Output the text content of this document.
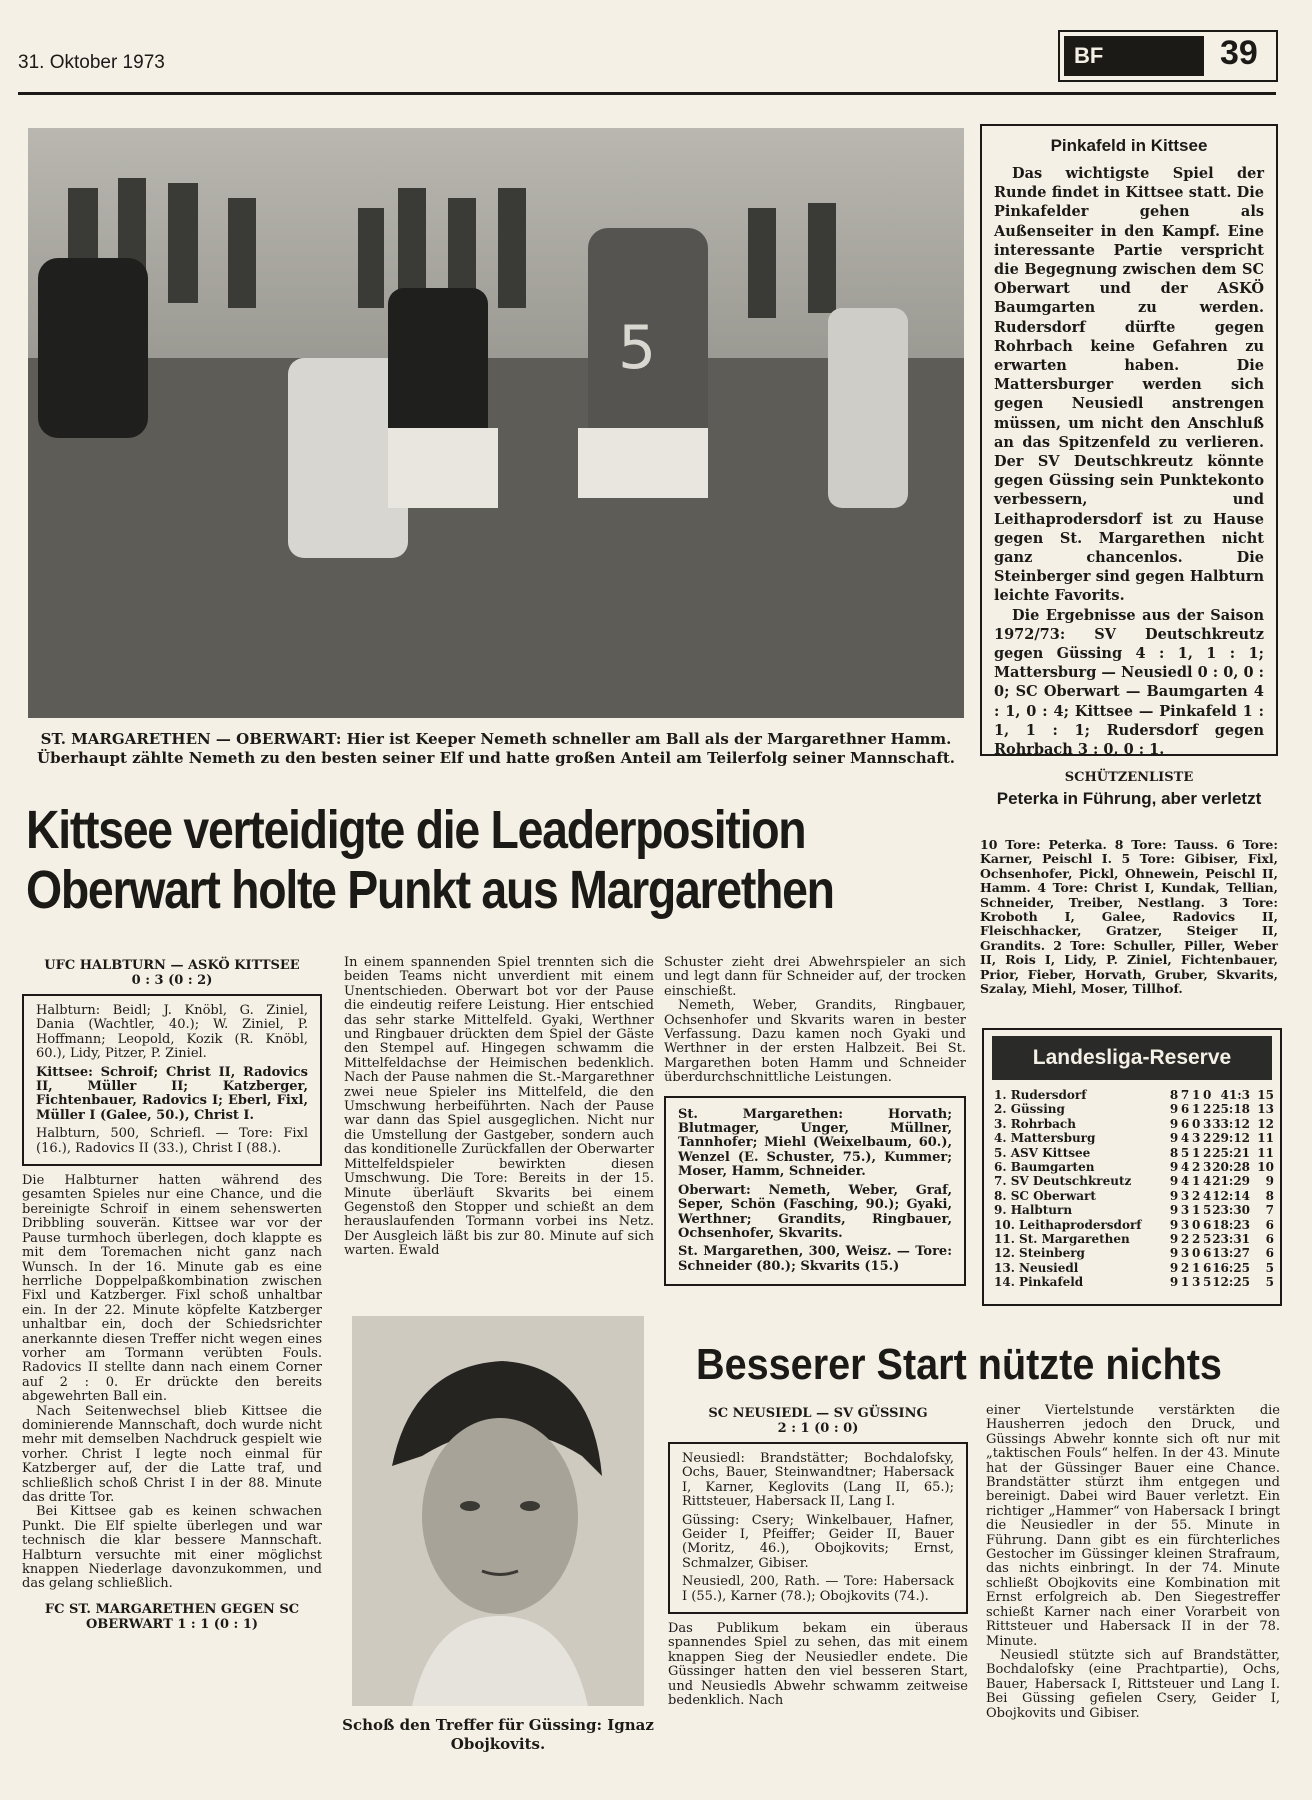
31. Oktober 1973	BF	39
5
ST. MARGARETHEN — OBERWART: Hier ist Keeper Nemeth schneller am Ball als der Margarethner Hamm. Überhaupt zählte Nemeth zu den besten seiner Elf und hatte großen Anteil am Teilerfolg seiner Mannschaft.
Kittsee verteidigte die Leaderposition
Oberwart holte Punkt aus Margarethen
UFC HALBTURN — ASKÖ KITTSEE
0 : 3 (0 : 2)
Halbturn: Beidl; J. Knöbl, G. Ziniel, Dania (Wachtler, 40.); W. Ziniel, P. Hoffmann; Leopold, Kozik (R. Knöbl, 60.), Lidy, Pitzer, P. Ziniel.
Kittsee: Schroif; Christ II, Radovics II, Müller II; Katzberger, Fichtenbauer, Radovics I; Eberl, Fixl, Müller I (Galee, 50.), Christ I.
Halbturn, 500, Schriefl. — Tore: Fixl (16.), Radovics II (33.), Christ I (88.).
Die Halbturner hatten während des gesamten Spieles nur eine Chance, und die bereinigte Schroif in einem sehenswerten Dribbling souverän. Kittsee war vor der Pause turmhoch überlegen, doch klappte es mit dem Toremachen nicht ganz nach Wunsch. In der 16. Minute gab es eine herrliche Doppelpaßkombination zwischen Fixl und Katzberger. Fixl schoß unhaltbar ein. In der 22. Minute köpfelte Katzberger unhaltbar ein, doch der Schiedsrichter anerkannte diesen Treffer nicht wegen eines vorher am Tormann verübten Fouls. Radovics II stellte dann nach einem Corner auf 2 : 0. Er drückte den bereits abgewehrten Ball ein.
Nach Seitenwechsel blieb Kittsee die dominierende Mannschaft, doch wurde nicht mehr mit demselben Nachdruck gespielt wie vorher. Christ I legte noch einmal für Katzberger auf, der die Latte traf, und schließlich schoß Christ I in der 88. Minute das dritte Tor.
Bei Kittsee gab es keinen schwachen Punkt. Die Elf spielte überlegen und war technisch die klar bessere Mannschaft. Halbturn versuchte mit einer möglichst knappen Niederlage davonzukommen, und das gelang schließlich.
FC ST. MARGARETHEN GEGEN SC OBERWART 1 : 1 (0 : 1)
In einem spannenden Spiel trennten sich die beiden Teams nicht unverdient mit einem Unentschieden. Oberwart bot vor der Pause die eindeutig reifere Leistung. Hier entschied das sehr starke Mittelfeld. Gyaki, Werthner und Ringbauer drückten dem Spiel der Gäste den Stempel auf. Hingegen schwamm die Mittelfeldachse der Heimischen bedenklich. Nach der Pause nahmen die St.-Margarethner zwei neue Spieler ins Mittelfeld, die den Umschwung herbeiführten. Nach der Pause war dann das Spiel ausgeglichen. Nicht nur die Umstellung der Gastgeber, sondern auch das konditionelle Zurückfallen der Oberwarter Mittelfeldspieler bewirkten diesen Umschwung. Die Tore: Bereits in der 15. Minute überläuft Skvarits bei einem Gegenstoß den Stopper und schießt an dem herauslaufenden Tormann vorbei ins Netz. Der Ausgleich läßt bis zur 80. Minute auf sich warten. Ewald
Schuster zieht drei Abwehrspieler an sich und legt dann für Schneider auf, der trocken einschießt.
Nemeth, Weber, Grandits, Ringbauer, Ochsenhofer und Skvarits waren in bester Verfassung. Dazu kamen noch Gyaki und Werthner in der ersten Halbzeit. Bei St. Margarethen boten Hamm und Schneider überdurchschnittliche Leistungen.
St. Margarethen: Horvath; Blutmager, Unger, Müllner, Tannhofer; Miehl (Weixelbaum, 60.), Wenzel (E. Schuster, 75.), Kummer; Moser, Hamm, Schneider.
Oberwart: Nemeth, Weber, Graf, Seper, Schön (Fasching, 90.); Gyaki, Werthner; Grandits, Ringbauer, Ochsenhofer, Skvarits.
St. Margarethen, 300, Weisz. — Tore: Schneider (80.); Skvarits (15.)
Pinkafeld in Kittsee
Das wichtigste Spiel der Runde findet in Kittsee statt. Die Pinkafelder gehen als Außenseiter in den Kampf. Eine interessante Partie verspricht die Begegnung zwischen dem SC Oberwart und der ASKÖ Baumgarten zu werden. Rudersdorf dürfte gegen Rohrbach keine Gefahren zu erwarten haben. Die Mattersburger werden sich gegen Neusiedl anstrengen müssen, um nicht den Anschluß an das Spitzenfeld zu verlieren. Der SV Deutschkreutz könnte gegen Güssing sein Punktekonto verbessern, und Leithaprodersdorf ist zu Hause gegen St. Margarethen nicht ganz chancenlos. Die Steinberger sind gegen Halbturn leichte Favorits.
Die Ergebnisse aus der Saison 1972/73: SV Deutschkreutz gegen Güssing 4 : 1, 1 : 1; Mattersburg — Neusiedl 0 : 0, 0 : 0; SC Oberwart — Baumgarten 4 : 1, 0 : 4; Kittsee — Pinkafeld 1 : 1, 1 : 1; Rudersdorf gegen Rohrbach 3 : 0, 0 : 1.
SCHÜTZENLISTE
Peterka in Führung, aber verletzt
10 Tore: Peterka. 8 Tore: Tauss. 6 Tore: Karner, Peischl I. 5 Tore: Gibiser, Fixl, Ochsenhofer, Pickl, Ohnewein, Peischl II, Hamm. 4 Tore: Christ I, Kundak, Tellian, Schneider, Treiber, Nestlang. 3 Tore: Kroboth I, Galee, Radovics II, Fleischhacker, Gratzer, Steiger II, Grandits. 2 Tore: Schuller, Piller, Weber II, Rois I, Lidy, P. Ziniel, Fichtenbauer, Prior, Fieber, Horvath, Gruber, Skvarits, Szalay, Miehl, Moser, Tillhof.
Landesliga-Reserve
1. Rudersdorf	8 7 1 0 41:3 15
2. Güssing	9 6 1 2 25:18 13
3. Rohrbach	9 6 0 3 33:12 12
4. Mattersburg	9 4 3 2 29:12 11
5. ASV Kittsee	8 5 1 2 25:21 11
6. Baumgarten	9 4 2 3 20:28 10
7. SV Deutschkreutz	9 4 1 4 21:29	9
8. SC Oberwart	9 3 2 4 12:14	8
9. Halbturn	9 3 1 5 23:30	7
10. Leithaprodersdorf	9 3 0 6 18:23	6
11. St. Margarethen	9 2 2 5 23:31	6
12. Steinberg	9 3 0 6 13:27	6
13. Neusiedl	9 2 1 6 16:25	5
14. Pinkafeld	9 1 3 5 12:25	5
Schoß den Treffer für Güssing: Ignaz Obojkovits.
Besserer Start nützte nichts
SC NEUSIEDL — SV GÜSSING
2 : 1 (0 : 0)
Neusiedl: Brandstätter; Bochdalofsky, Ochs, Bauer, Steinwandtner; Habersack I, Karner, Keglovits (Lang II, 65.); Rittsteuer, Habersack II, Lang I.
Güssing: Csery; Winkelbauer, Hafner, Geider I, Pfeiffer; Geider II, Bauer (Moritz, 46.), Obojkovits; Ernst, Schmalzer, Gibiser.
Neusiedl, 200, Rath. — Tore: Habersack I (55.), Karner (78.); Obojkovits (74.).
Das Publikum bekam ein überaus spannendes Spiel zu sehen, das mit einem knappen Sieg der Neusiedler endete. Die Güssinger hatten den viel besseren Start, und Neusiedls Abwehr schwamm zeitweise bedenklich. Nach
einer Viertelstunde verstärkten die Hausherren jedoch den Druck, und Güssings Abwehr konnte sich oft nur mit „taktischen Fouls“ helfen. In der 43. Minute hat der Güssinger Bauer eine Chance. Brandstätter stürzt ihm entgegen und bereinigt. Dabei wird Bauer verletzt. Ein richtiger „Hammer“ von Habersack I bringt die Neusiedler in der 55. Minute in Führung. Dann gibt es ein fürchterliches Gestocher im Güssinger kleinen Strafraum, das nichts einbringt. In der 74. Minute schließt Obojkovits eine Kombination mit Ernst erfolgreich ab. Den Siegestreffer schießt Karner nach einer Vorarbeit von Rittsteuer und Habersack II in der 78. Minute.
Neusiedl stützte sich auf Brandstätter, Bochdalofsky (eine Prachtpartie), Ochs, Bauer, Habersack I, Rittsteuer und Lang I. Bei Güssing gefielen Csery, Geider I, Obojkovits und Gibiser.
